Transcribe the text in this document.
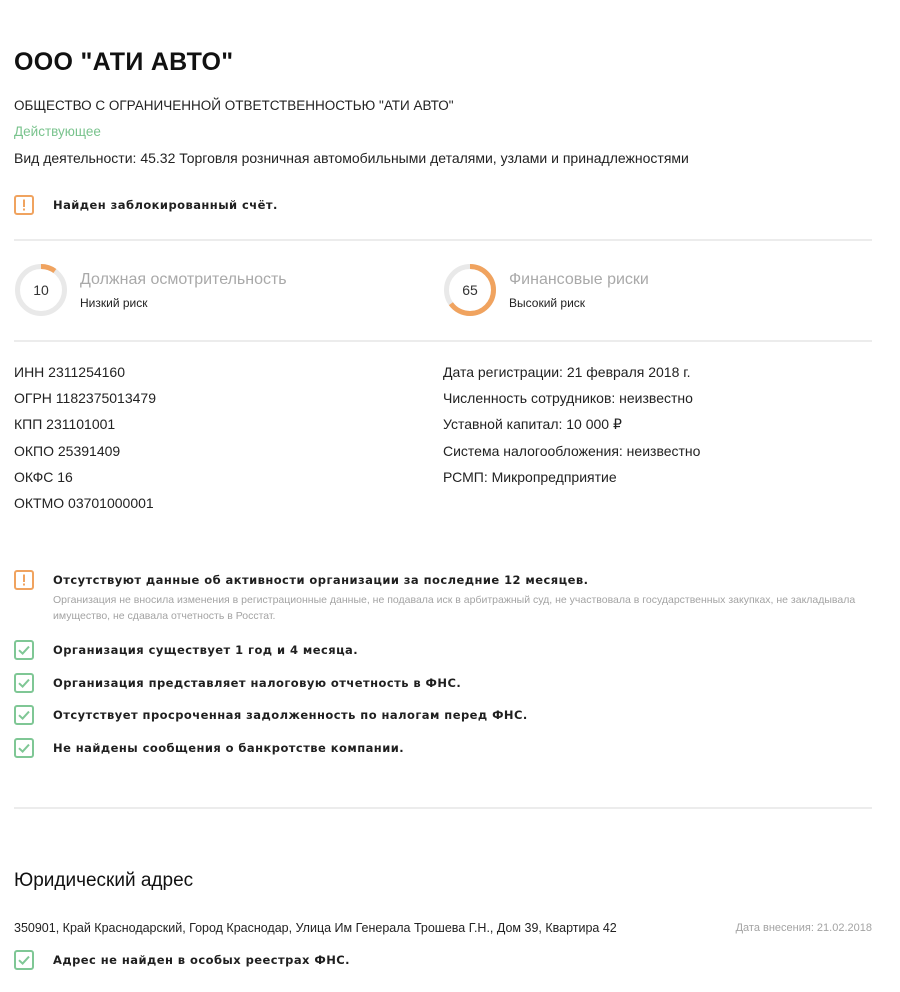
ООО "АТИ АВТО"
ОБЩЕСТВО С ОГРАНИЧЕННОЙ ОТВЕТСТВЕННОСТЬЮ "АТИ АВТО"
Действующее
Вид деятельности: 45.32 Торговля розничная автомобильными деталями, узлами и принадлежностями
Найден заблокированный счёт.
10
Должная осмотрительность
Низкий риск
65
Финансовые риски
Высокий риск
ИНН 2311254160
ОГРН 1182375013479
КПП 231101001
ОКПО 25391409
ОКФС 16
ОКТМО 03701000001
Дата регистрации: 21 февраля 2018 г.
Численность сотрудников: неизвестно
Уставной капитал: 10 000 ₽
Система налогообложения: неизвестно
РСМП: Микропредприятие
Отсутствуют данные об активности организации за последние 12 месяцев.
Организация не вносила изменения в регистрационные данные, не подавала иск в арбитражный суд, не участвовала в государственных закупках, не закладывала имущество, не сдавала отчетность в Росстат.
Организация существует 1 год и 4 месяца.
Организация представляет налоговую отчетность в ФНС.
Отсутствует просроченная задолженность по налогам перед ФНС.
Не найдены сообщения о банкротстве компании.
Юридический адрес
350901, Край Краснодарский, Город Краснодар, Улица Им Генерала Трошева Г.Н., Дом 39, Квартира 42	Дата внесения: 21.02.2018
Адрес не найден в особых реестрах ФНС.
